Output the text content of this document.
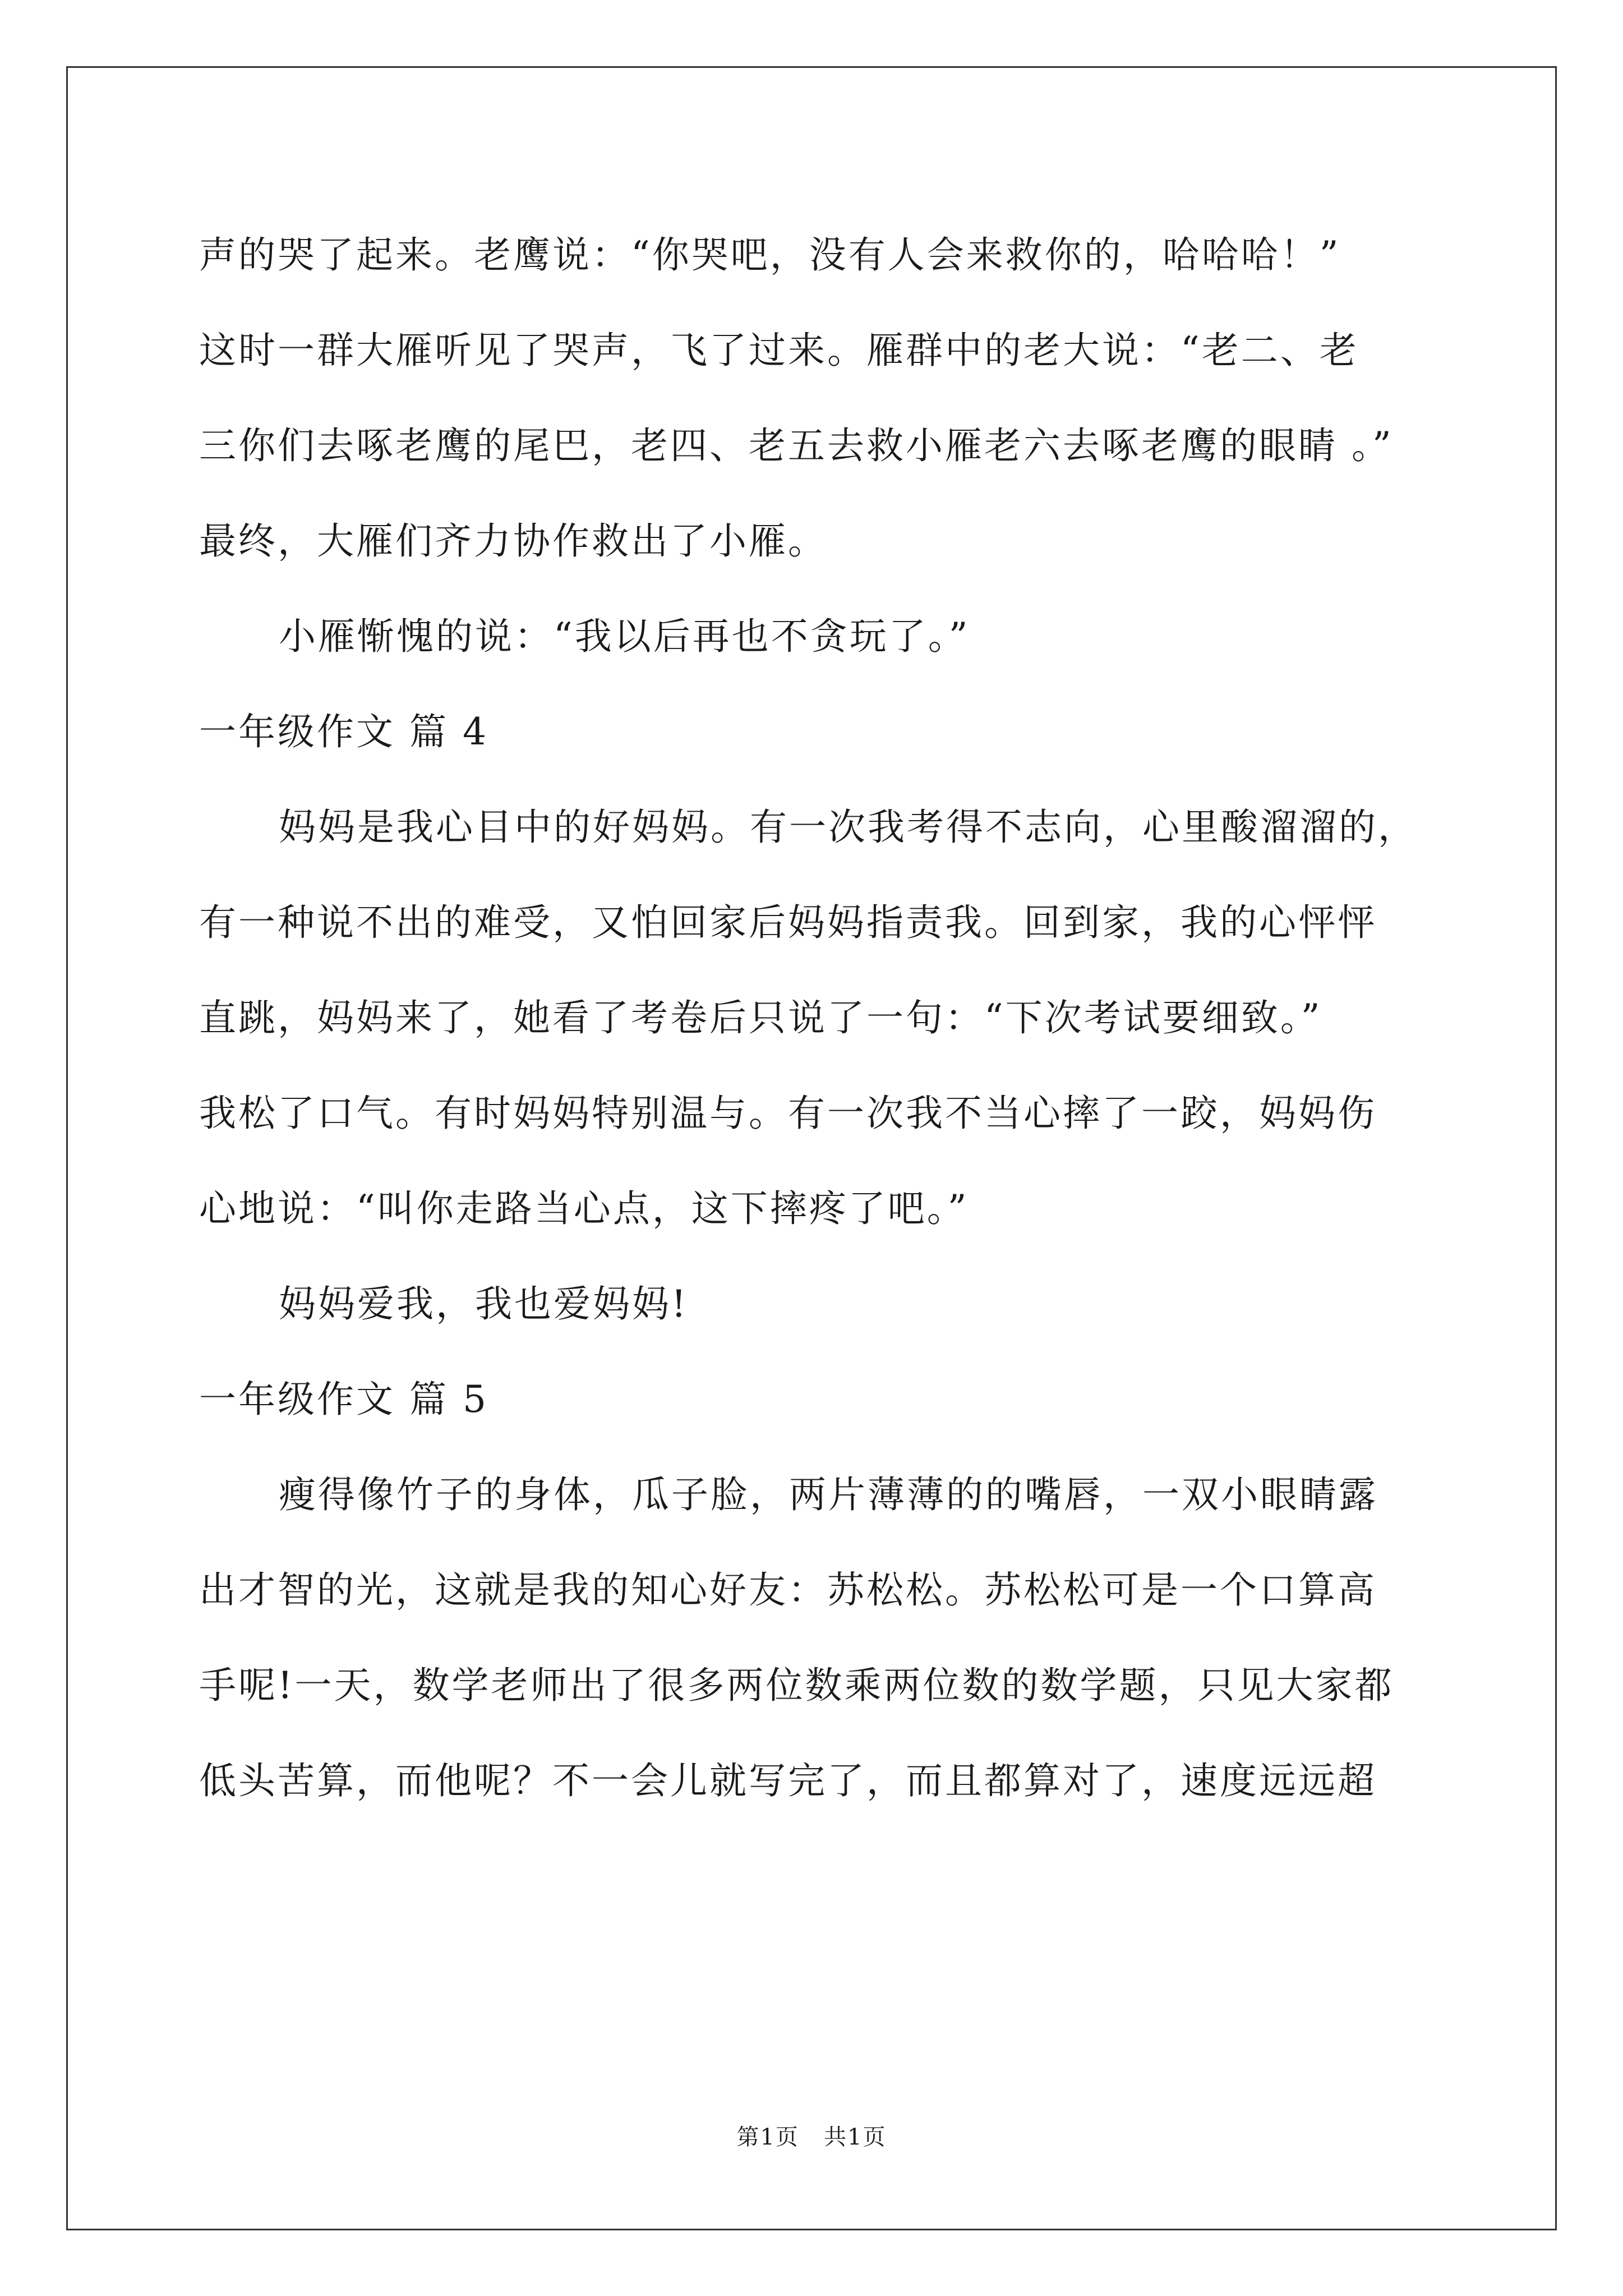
声的哭了起来。老鹰说：“你哭吧，没有人会来救你的，哈哈哈！”
这时一群大雁听见了哭声，飞了过来。雁群中的老大说：“老二、老
三你们去啄老鹰的尾巴，老四、老五去救小雁老六去啄老鹰的眼睛 。”
最终，大雁们齐力协作救出了小雁。
小雁惭愧的说：“我以后再也不贪玩了。”
一年级作文 篇 4
妈妈是我心目中的好妈妈。有一次我考得不志向，心里酸溜溜的，
有一种说不出的难受，又怕回家后妈妈指责我。回到家，我的心怦怦
直跳，妈妈来了，她看了考卷后只说了一句：“下次考试要细致。”
我松了口气。有时妈妈特别温与。有一次我不当心摔了一跤，妈妈伤
心地说：“叫你走路当心点，这下摔疼了吧。”
妈妈爱我，我也爱妈妈!
一年级作文 篇 5
瘦得像竹子的身体，瓜子脸，两片薄薄的的嘴唇，一双小眼睛露
出才智的光，这就是我的知心好友：苏松松。苏松松可是一个口算高
手呢!一天，数学老师出了很多两位数乘两位数的数学题，只见大家都
低头苦算，而他呢？不一会儿就写完了，而且都算对了，速度远远超
第1页   共1页
